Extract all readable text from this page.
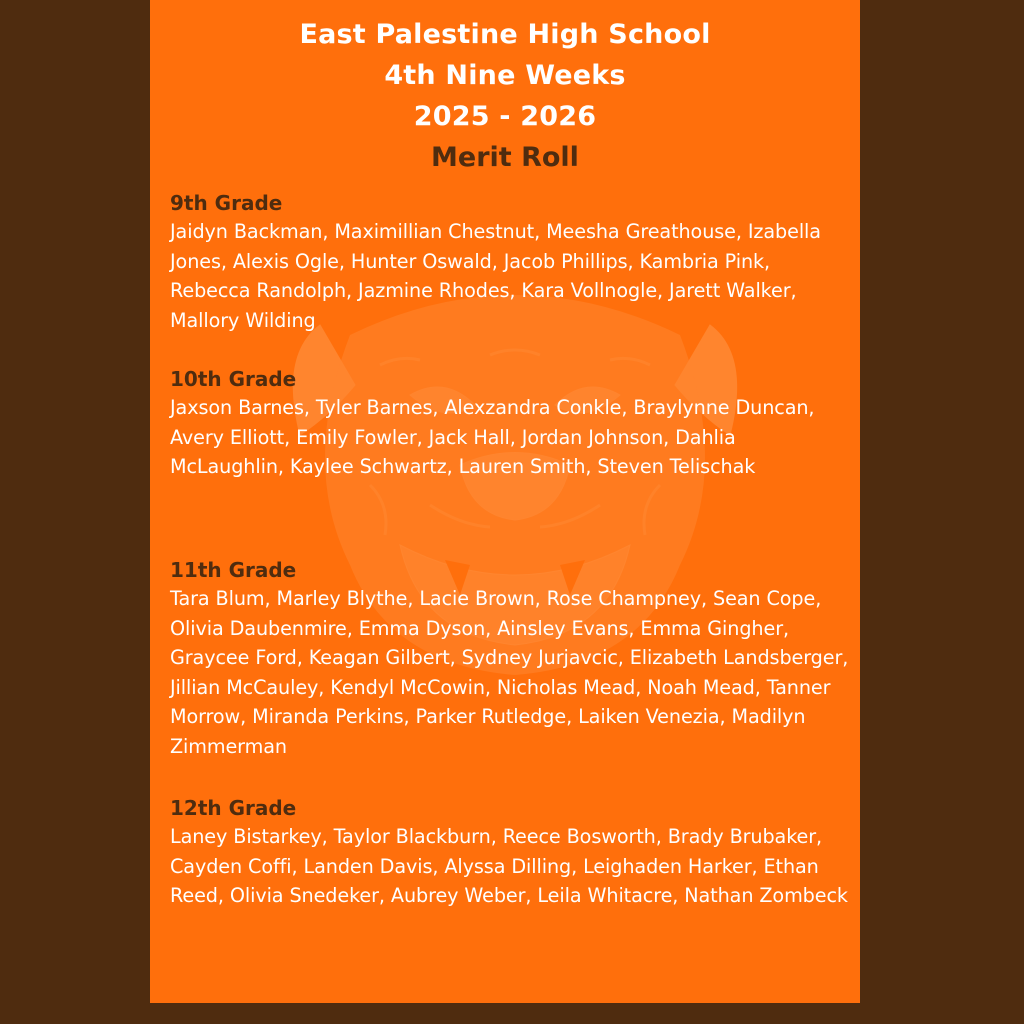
East Palestine High School
4th Nine Weeks
2025 - 2026
Merit Roll
9th Grade
Jaidyn Backman, Maximillian Chestnut, Meesha Greathouse, Izabella Jones, Alexis Ogle, Hunter Oswald, Jacob Phillips, Kambria Pink, Rebecca Randolph, Jazmine Rhodes, Kara Vollnogle, Jarett Walker, Mallory Wilding
10th Grade
Jaxson Barnes, Tyler Barnes, Alexzandra Conkle, Braylynne Duncan, Avery Elliott, Emily Fowler, Jack Hall, Jordan Johnson, Dahlia McLaughlin, Kaylee Schwartz, Lauren Smith, Steven Telischak
11th Grade
Tara Blum, Marley Blythe, Lacie Brown, Rose Champney, Sean Cope, Olivia Daubenmire, Emma Dyson, Ainsley Evans, Emma Gingher, Graycee Ford, Keagan Gilbert, Sydney Jurjavcic, Elizabeth Landsberger, Jillian McCauley, Kendyl McCowin, Nicholas Mead, Noah Mead, Tanner Morrow, Miranda Perkins, Parker Rutledge, Laiken Venezia, Madilyn Zimmerman
12th Grade
Laney Bistarkey, Taylor Blackburn, Reece Bosworth, Brady Brubaker, Cayden Coffi, Landen Davis, Alyssa Dilling, Leighaden Harker, Ethan Reed, Olivia Snedeker, Aubrey Weber, Leila Whitacre, Nathan Zombeck
